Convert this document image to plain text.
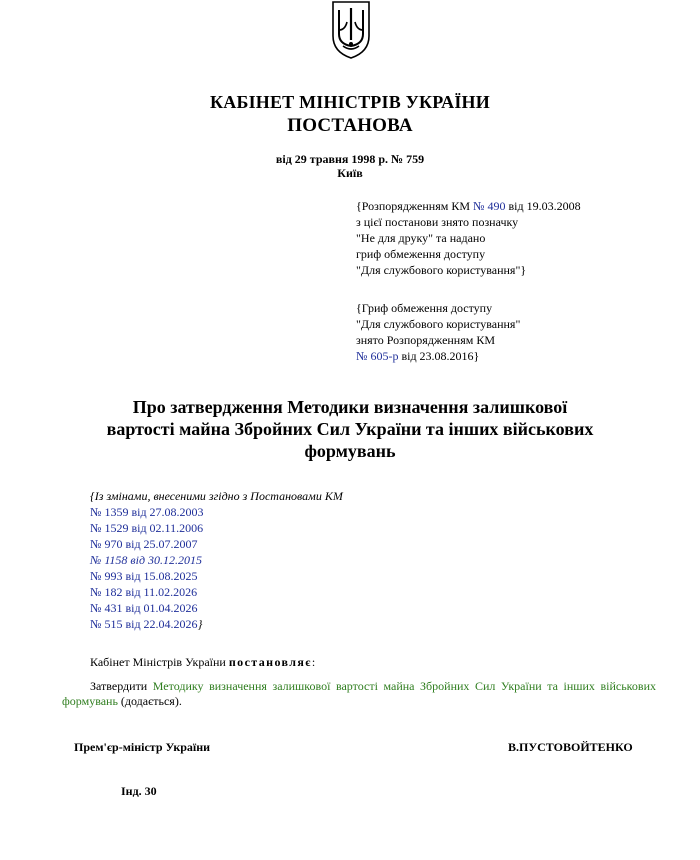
КАБІНЕТ МІНІСТРІВ УКРАЇНИ
ПОСТАНОВА
від 29 травня 1998 р. № 759
Київ
{Розпорядженням КМ № 490 від 19.03.2008
з цієї постанови знято позначку
"Не для друку" та надано
гриф обмеження доступу
"Для службового користування"}
{Гриф обмеження доступу
"Для службового користування"
знято Розпорядженням КМ
№ 605-р від 23.08.2016}
Про затвердження Методики визначення залишкової
вартості майна Збройних Сил України та інших військових
формувань
{Із змінами, внесеними згідно з Постановами КМ
№ 1359 від 27.08.2003
№ 1529 від 02.11.2006
№ 970 від 25.07.2007
№ 1158 від 30.12.2015
№ 993 від 15.08.2025
№ 182 від 11.02.2026
№ 431 від 01.04.2026
№ 515 від 22.04.2026}
Кабінет Міністрів України постановляє:
Затвердити Методику визначення залишкової вартості майна Збройних Сил України та інших військових формувань (додається).
Прем'єр-міністр України	В.ПУСТОВОЙТЕНКО
Інд. 30
